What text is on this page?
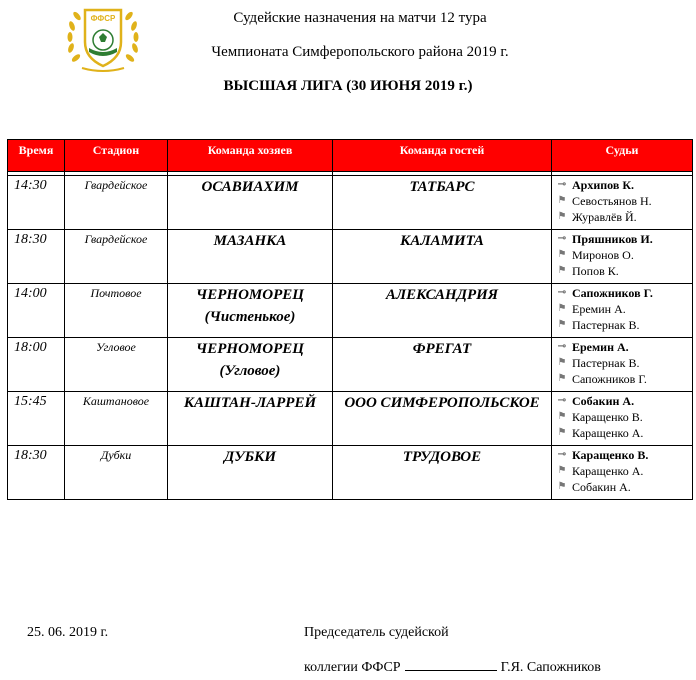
ФФСР	Судейские назначения на матчи 12 тура
Чемпионата Симферопольского района 2019 г.
ВЫСШАЯ ЛИГА (30 ИЮНЯ 2019 г.)
Время	Стадион	Команда хозяев	Команда гостей	Судьи

14:30	Гвардейское	ОСАВИАХИМ	ТАТБАРС	⊸ Архипов К.
⚑ Севостьянов Н.
⚑ Журавлёв Й.

18:30	Гвардейское	МАЗАНКА	КАЛАМИТА	⊸ Пряшников И.
⚑ Миронов О.
⚑ Попов К.

14:00	Почтовое	ЧЕРНОМОРЕЦ (Чистенькое)	АЛЕКСАНДРИЯ	⊸ Сапожников Г.
⚑ Еремин А.
⚑ Пастернак В.

18:00	Угловое	ЧЕРНОМОРЕЦ (Угловое)	ФРЕГАТ	⊸ Еремин А.
⚑ Пастернак В.
⚑ Сапожников Г.

15:45	Каштановое	КАШТАН-ЛАРРЕЙ	ООО СИМФЕРОПОЛЬСКОЕ	⊸ Собакин А.
⚑ Каращенко В.
⚑ Каращенко А.

18:30	Дубки	ДУБКИ	ТРУДОВОЕ	⊸ Каращенко В.
⚑ Каращенко А.
⚑ Собакин А.
25. 06. 2019 г.	Председатель судейской
коллегии ФФСР	Г.Я. Сапожников
